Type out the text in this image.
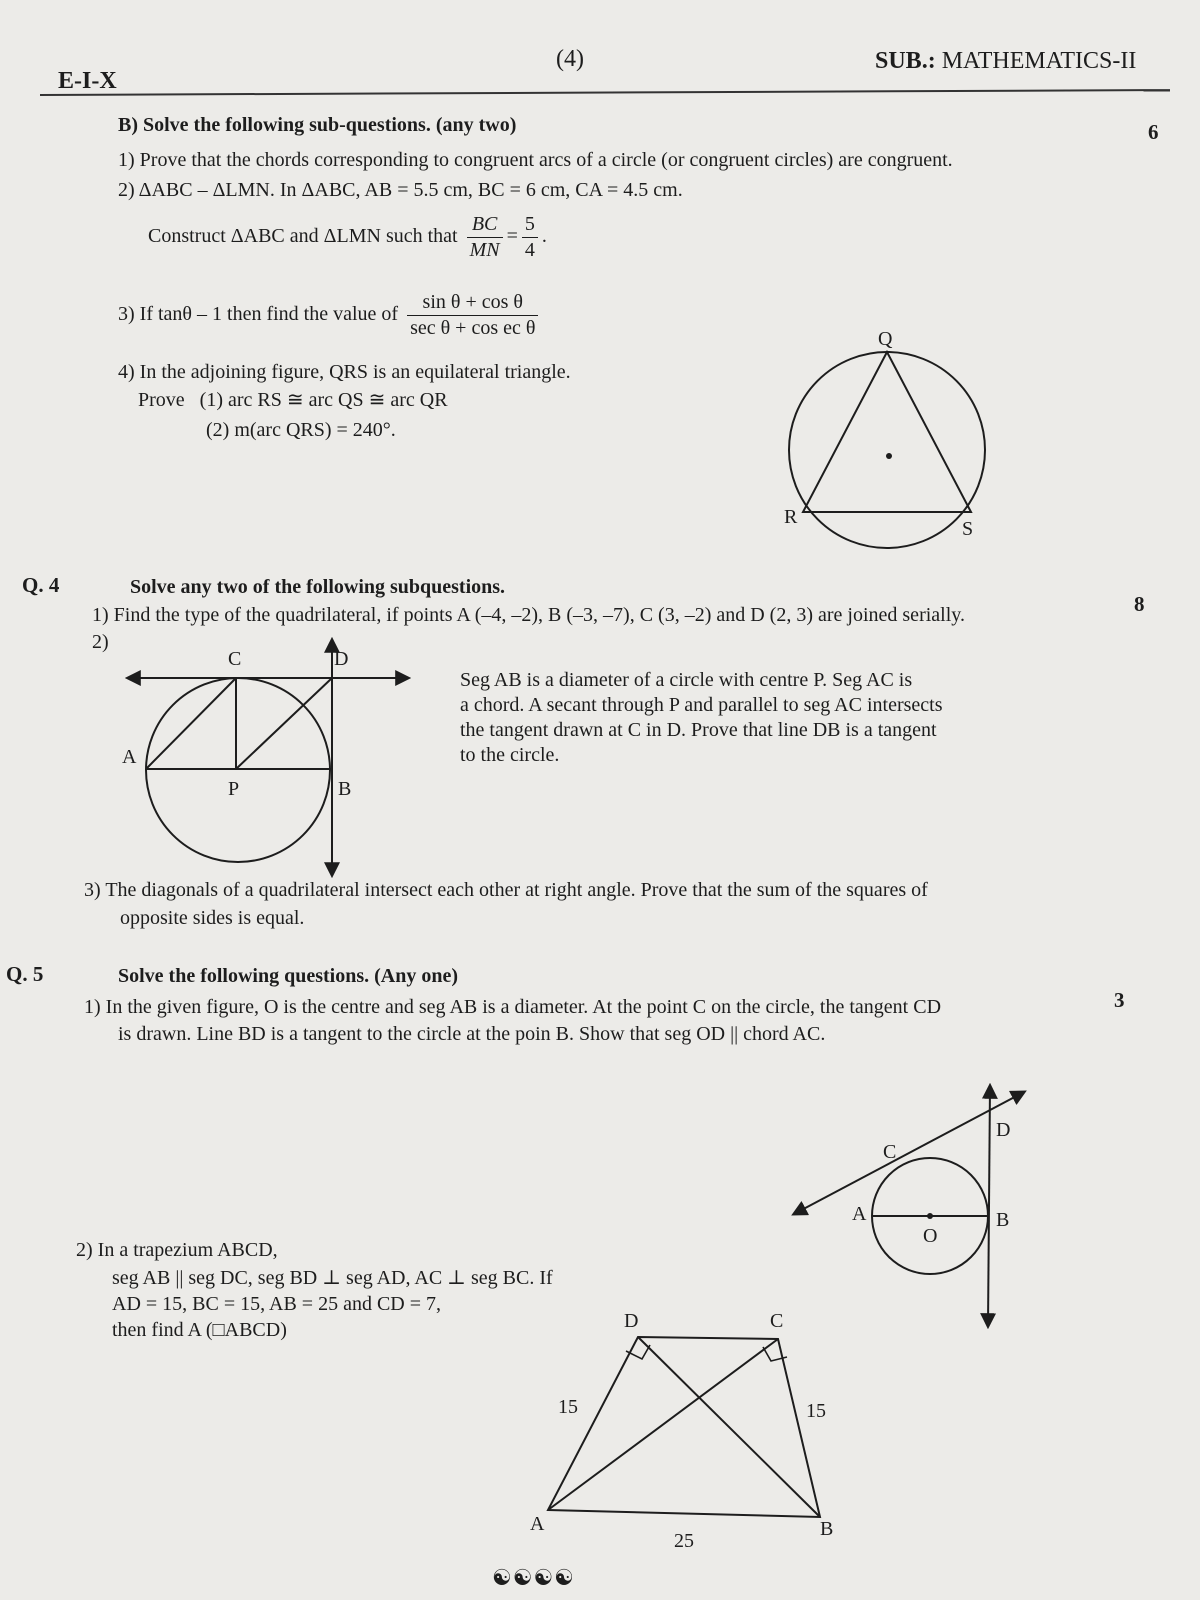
E-I-X
(4)	SUB.: MATHEMATICS-II
B) Solve the following sub-questions. (any two)	6
1) Prove that the chords corresponding to congruent arcs of a circle (or congruent circles) are congruent.
2) ΔABC – ΔLMN. In ΔABC, AB = 5.5 cm, BC = 6 cm, CA = 4.5 cm.
Construct ΔABC and ΔLMN such that $\frac{BC}{MN} = \frac{5}{4}$ .
3) If tanθ – 1 then find the value of $\frac{\text{sin θ + cos θ}}{\text{sec θ + cos ec θ}}$
4) In the adjoining figure, QRS is an equilateral triangle.
Prove (1) arc RS ≅ arc QS ≅ arc QR
(2) m(arc QRS) = 240°.
Q
R
S
Q. 4	Solve any two of the following subquestions.
8
1) Find the type of the quadrilateral, if points A (–4, –2), B (–3, –7), C (3, –2) and D (2, 3) are joined serially.
2)
C	D
A
P	B
Seg AB is a diameter of a circle with centre P. Seg AC is
a chord. A secant through P and parallel to seg AC intersects
the tangent drawn at C in D. Prove that line DB is a tangent
to the circle.
3) The diagonals of a quadrilateral intersect each other at right angle. Prove that the sum of the squares of
opposite sides is equal.
Q. 5	Solve the following questions. (Any one)
3
1) In the given figure, O is the centre and seg AB is a diameter. At the point C on the circle, the tangent CD
is drawn. Line BD is a tangent to the circle at the poin B. Show that seg OD || chord AC.
C
D
A
O
B
2) In a trapezium ABCD,
seg AB || seg DC, seg BD ⊥ seg AD, AC ⊥ seg BC. If
AD = 15, BC = 15, AB = 25 and CD = 7,
then find A (□ABCD)	D	C
A	B
15	15
25
☯☯☯☯
